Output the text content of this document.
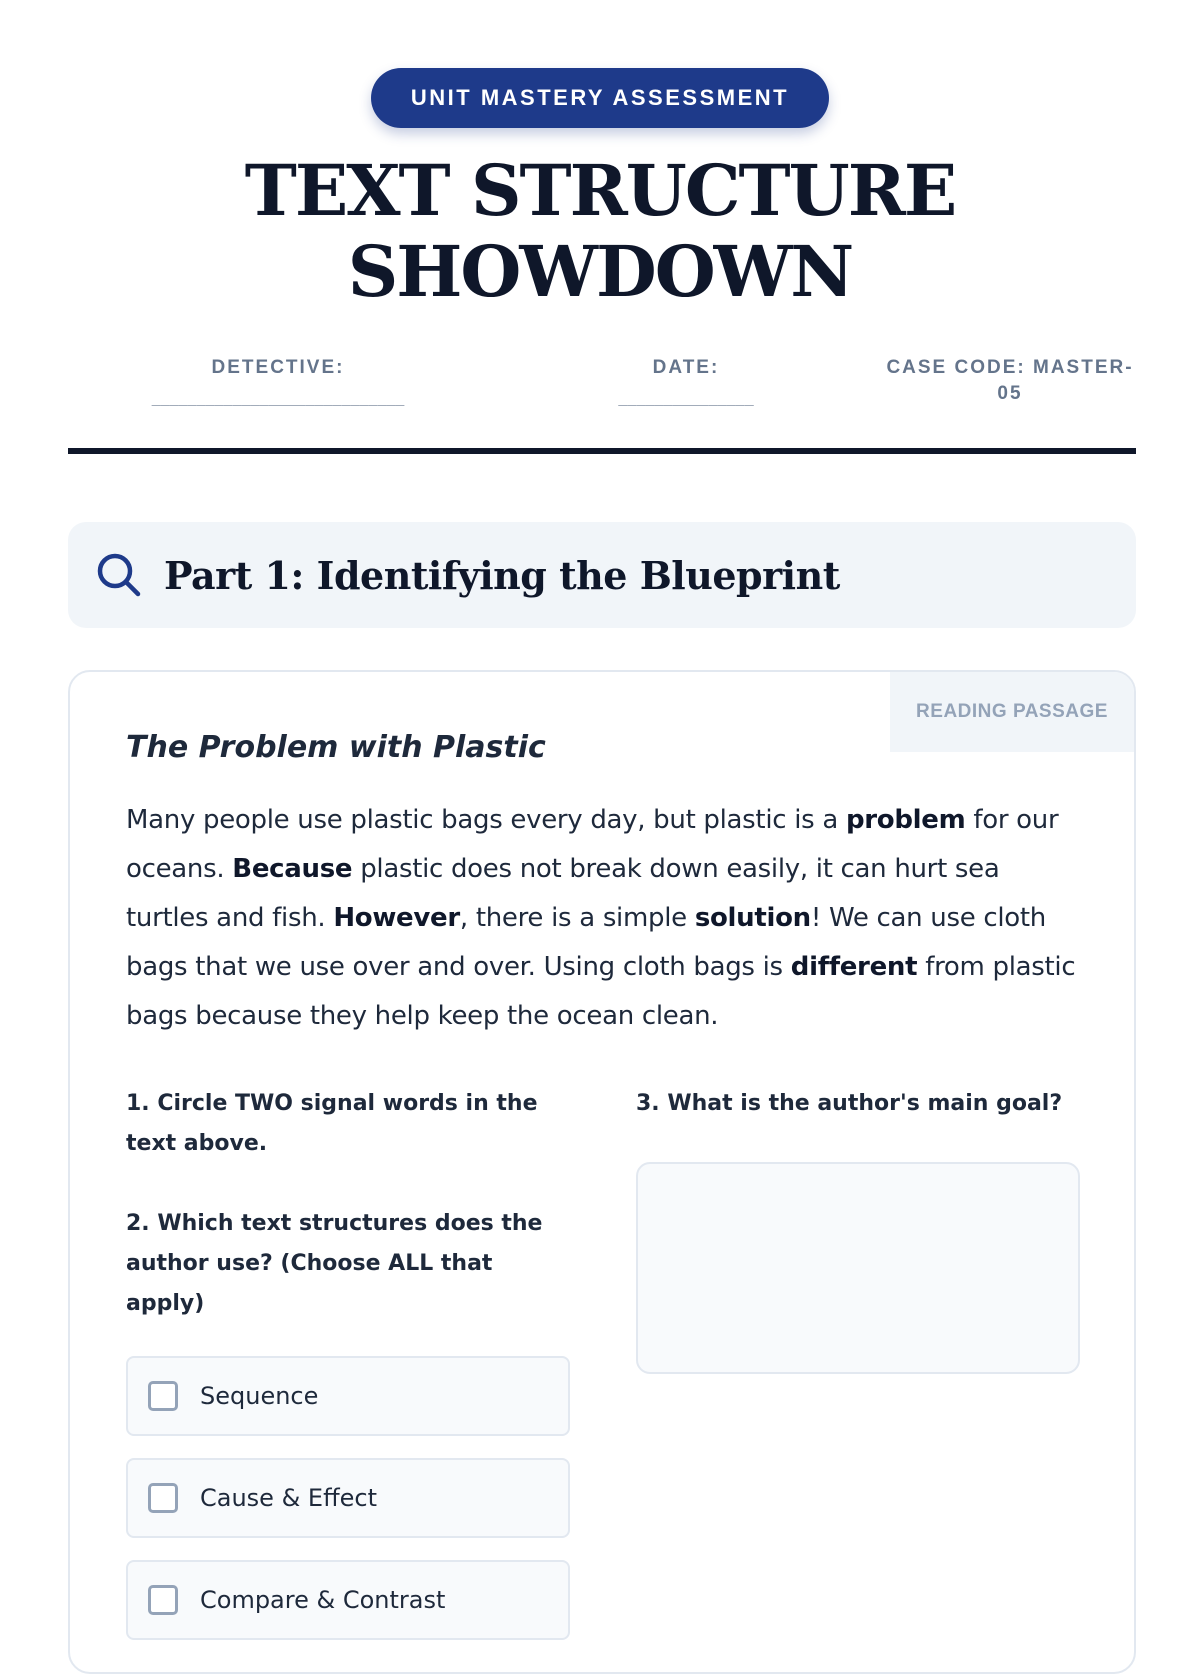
UNIT MASTERY ASSESSMENT
TEXT STRUCTURE
SHOWDOWN
DETECTIVE:
____________________________
DATE:
_______________
CASE CODE: MASTER-05
Part 1: Identifying the Blueprint
READING PASSAGE
The Problem with Plastic

Many people use plastic bags every day, but plastic is a problem for our oceans. Because plastic does not break down easily, it can hurt sea turtles and fish. However, there is a simple solution! We can use cloth bags that we use over and over. Using cloth bags is different from plastic bags because they help keep the ocean clean.

1. Circle TWO signal words in the text above.

2. Which text structures does the author use? (Choose ALL that apply)

Sequence
Cause & Effect
Compare & Contrast

3. What is the author's main goal?
